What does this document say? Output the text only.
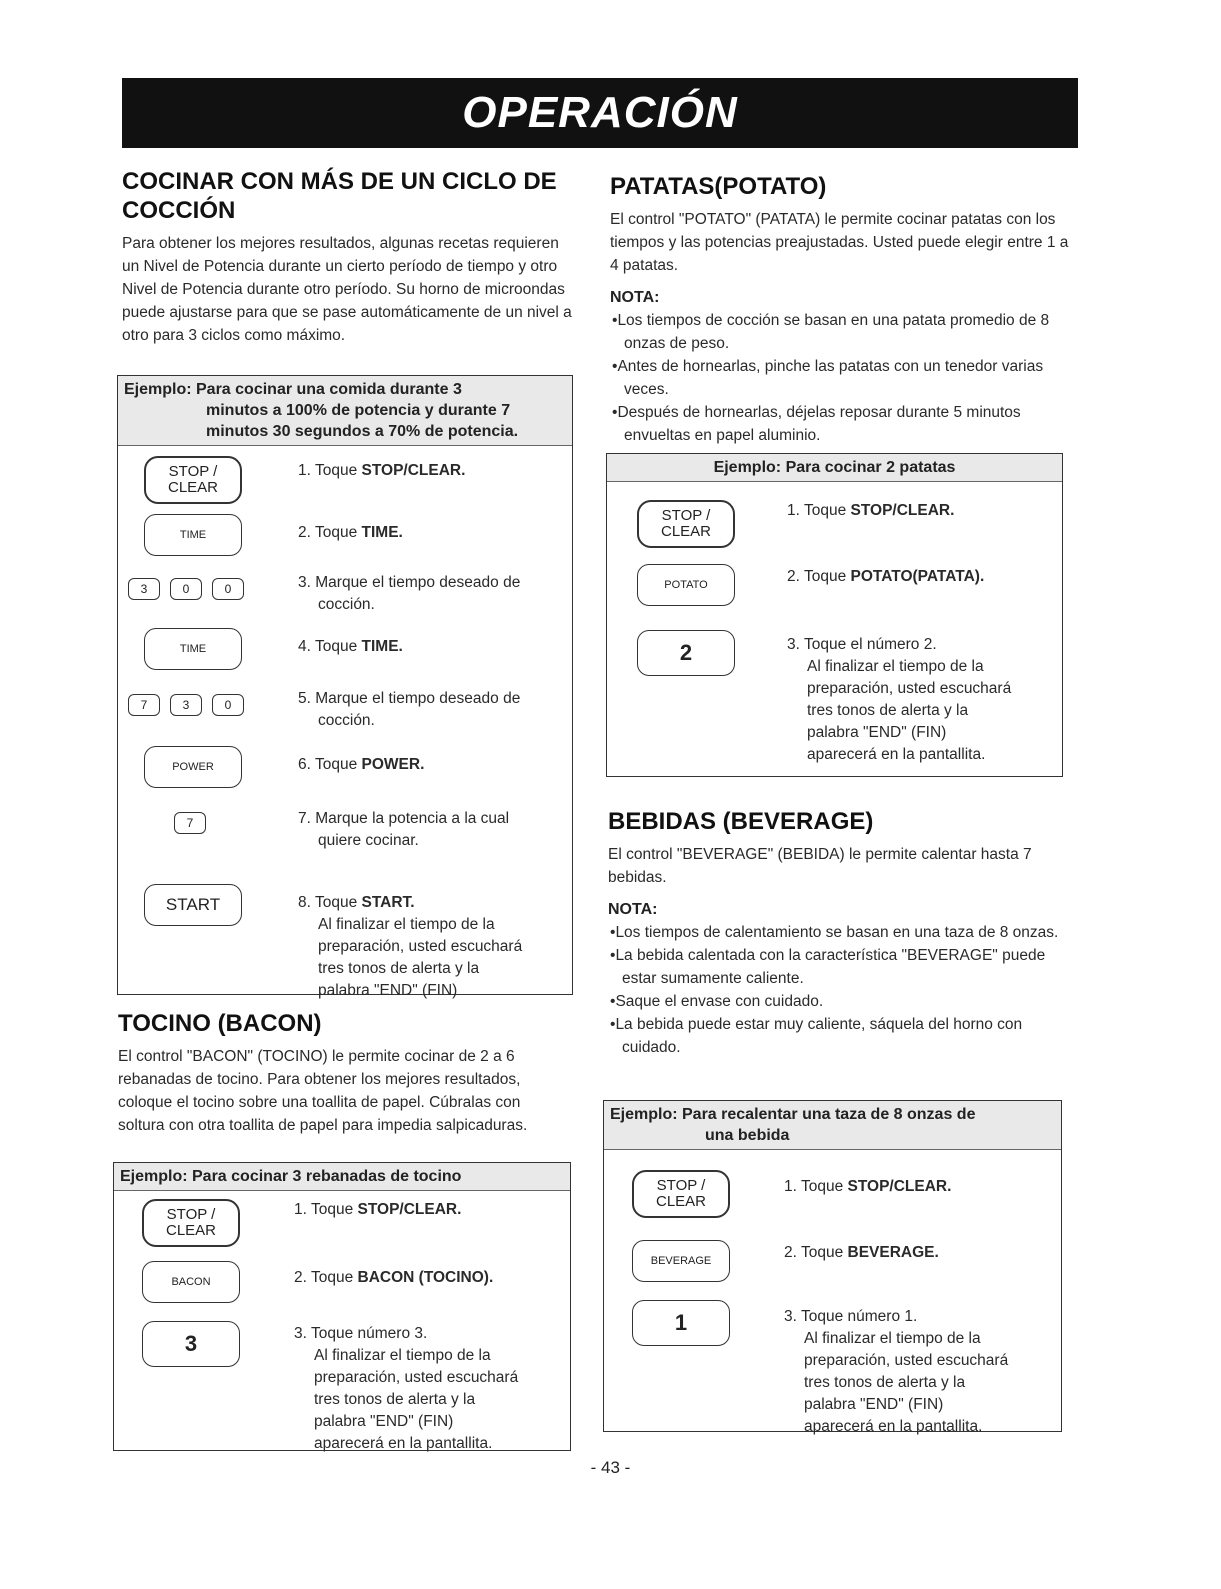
OPERACIÓN
COCINAR CON MÁS DE UN CICLO DE
COCCIÓN

Para obtener los mejores resultados, algunas recetas requieren un Nivel de Potencia durante un cierto período de tiempo y otro Nivel de Potencia durante otro período. Su horno de microondas puede ajustarse para que se pase automáticamente de un nivel a otro para 3 ciclos como máximo.

Ejemplo: Para cocinar una comida durante 3
minutos a 100% de potencia y durante 7
minutos 30 segundos a 70% de potencia.
STOP /
CLEAR
1. Toque STOP/CLEAR.
TIME	2. Toque TIME.
3	0	0	3. Marque el tiempo deseado de
cocción.
TIME	4. Toque TIME.
7	3	0	5. Marque el tiempo deseado de
cocción.
POWER	6. Toque POWER.
7	7. Marque la potencia a la cual
quiere cocinar.
START	8. Toque START.
Al finalizar el tiempo de la
preparación, usted escuchará
tres tonos de alerta y la
palabra "END" (FIN)
TOCINO (BACON)

El control "BACON" (TOCINO) le permite cocinar de 2 a 6 rebanadas de tocino. Para obtener los mejores resultados, coloque el tocino sobre una toallita de papel. Cúbralas con soltura con otra toallita de papel para impedia salpicaduras.

Ejemplo: Para cocinar 3 rebanadas de tocino
STOP /
CLEAR
1. Toque STOP/CLEAR.
BACON	2. Toque BACON (TOCINO).
3	3. Toque número 3.
Al finalizar el tiempo de la
preparación, usted escuchará
tres tonos de alerta y la
palabra "END" (FIN)
aparecerá en la pantallita.
PATATAS(POTATO)

El control "POTATO" (PATATA) le permite cocinar patatas con los tiempos y las potencias preajustadas. Usted puede elegir entre 1 a 4 patatas.

NOTA:
• Los tiempos de cocción se basan en una patata promedio de 8 onzas de peso.
• Antes de hornearlas, pinche las patatas con un tenedor varias veces.
• Después de hornearlas, déjelas reposar durante 5 minutos envueltas en papel aluminio.
Ejemplo: Para cocinar 2 patatas
STOP /
CLEAR
1. Toque STOP/CLEAR.
POTATO	2. Toque POTATO(PATATA).
2	3. Toque el número 2.
Al finalizar el tiempo de la
preparación, usted escuchará
tres tonos de alerta y la
palabra "END" (FIN)
aparecerá en la pantallita.
BEBIDAS (BEVERAGE)

El control "BEVERAGE" (BEBIDA) le permite calentar hasta 7 bebidas.

NOTA:
• Los tiempos de calentamiento se basan en una taza de 8 onzas.
• La bebida calentada con la característica "BEVERAGE" puede estar sumamente caliente.
• Saque el envase con cuidado.
• La bebida puede estar muy caliente, sáquela del horno con cuidado.
Ejemplo: Para recalentar una taza de 8 onzas de
una bebida
STOP /
CLEAR
1. Toque STOP/CLEAR.
BEVERAGE	2. Toque BEVERAGE.
1	3. Toque número 1.
Al finalizar el tiempo de la
preparación, usted escuchará
tres tonos de alerta y la
palabra "END" (FIN)
aparecerá en la pantallita.
- 43 -
